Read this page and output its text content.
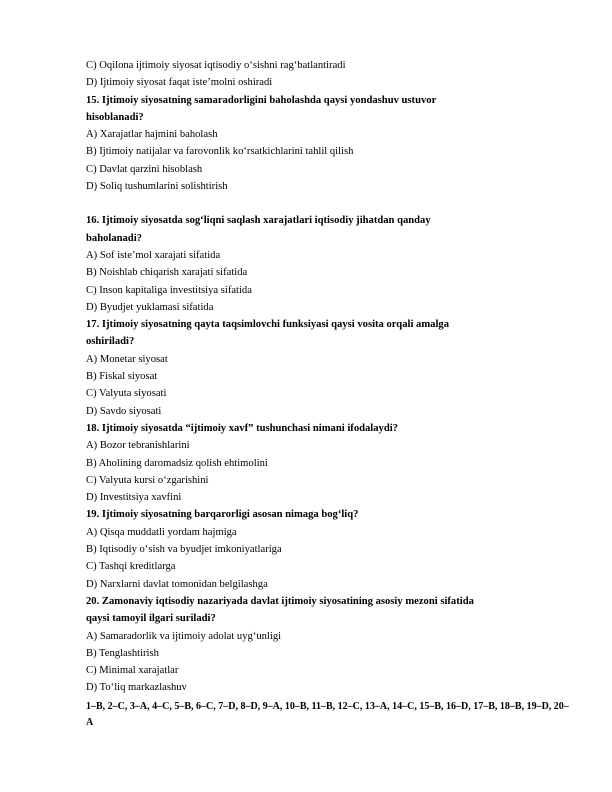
C) Oqilona ijtimoiy siyosat iqtisodiy o‘sishni rag‘batlantiradi
D) Ijtimoiy siyosat faqat iste’molni oshiradi
15. Ijtimoiy siyosatning samaradorligini baholashda qaysi yondashuv ustuvor
hisoblanadi?
A) Xarajatlar hajmini baholash
B) Ijtimoiy natijalar va farovonlik ko‘rsatkichlarini tahlil qilish
C) Davlat qarzini hisoblash
D) Soliq tushumlarini solishtirish
16. Ijtimoiy siyosatda sog‘liqni saqlash xarajatlari iqtisodiy jihatdan qanday
baholanadi?
A) Sof iste’mol xarajati sifatida
B) Noishlab chiqarish xarajati sifatida
C) Inson kapitaliga investitsiya sifatida
D) Byudjet yuklamasi sifatida
17. Ijtimoiy siyosatning qayta taqsimlovchi funksiyasi qaysi vosita orqali amalga
oshiriladi?
A) Monetar siyosat
B) Fiskal siyosat
C) Valyuta siyosati
D) Savdo siyosati
18. Ijtimoiy siyosatda “ijtimoiy xavf” tushunchasi nimani ifodalaydi?
A) Bozor tebranishlarini
B) Aholining daromadsiz qolish ehtimolini
C) Valyuta kursi o‘zgarishini
D) Investitsiya xavfini
19. Ijtimoiy siyosatning barqarorligi asosan nimaga bog‘liq?
A) Qisqa muddatli yordam hajmiga
B) Iqtisodiy o‘sish va byudjet imkoniyatlariga
C) Tashqi kreditlarga
D) Narxlarni davlat tomonidan belgilashga
20. Zamonaviy iqtisodiy nazariyada davlat ijtimoiy siyosatining asosiy mezoni sifatida
qaysi tamoyil ilgari suriladi?
A) Samaradorlik va ijtimoiy adolat uyg‘unligi
B) Tenglashtirish
C) Minimal xarajatlar
D) To‘liq markazlashuv
1–B, 2–C, 3–A, 4–C, 5–B, 6–C, 7–D, 8–D, 9–A, 10–B, 11–B, 12–C, 13–A, 14–C, 15–B, 16–D, 17–B, 18–B, 19–D, 20–A
